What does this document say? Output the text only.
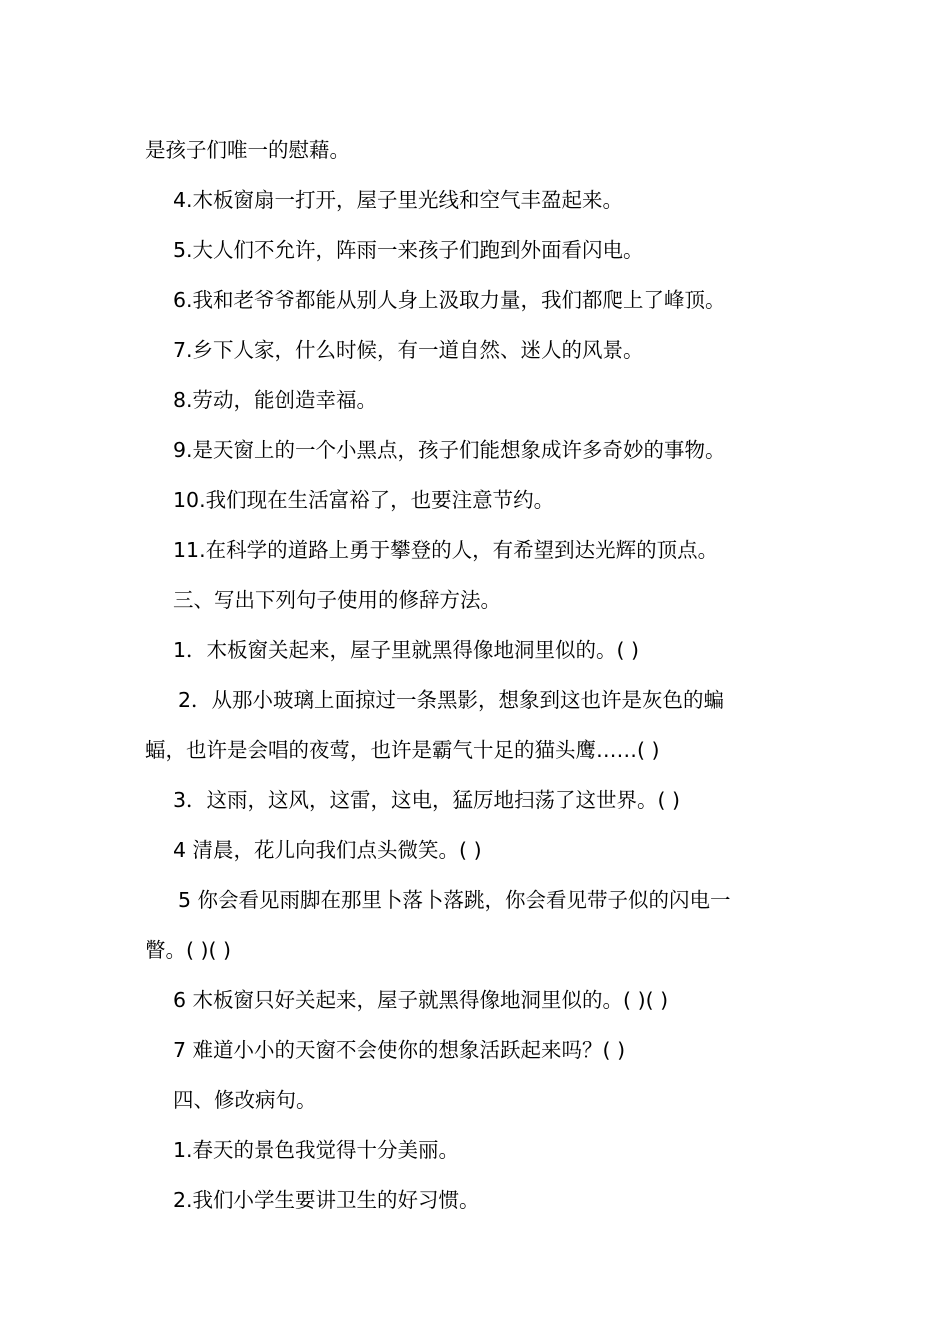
是孩子们唯一的慰藉。
4.木板窗扇一打开，屋子里光线和空气丰盈起来。
5.大人们不允许，阵雨一来孩子们跑到外面看闪电。
6.我和老爷爷都能从别人身上汲取力量，我们都爬上了峰顶。
7.乡下人家，什么时候，有一道自然、迷人的风景。
8.劳动，能创造幸福。
9.是天窗上的一个小黑点，孩子们能想象成许多奇妙的事物。
10.我们现在生活富裕了，也要注意节约。
11.在科学的道路上勇于攀登的人，有希望到达光辉的顶点。
三、写出下列句子使用的修辞方法。
1．木板窗关起来，屋子里就黑得像地洞里似的。( )
2．从那小玻璃上面掠过一条黑影，想象到这也许是灰色的蝙
蝠，也许是会唱的夜莺，也许是霸气十足的猫头鹰……( )
3．这雨，这风，这雷，这电，猛厉地扫荡了这世界。( )
4 清晨，花儿向我们点头微笑。( )
5 你会看见雨脚在那里卜落卜落跳，你会看见带子似的闪电一
瞥。( )( )
6 木板窗只好关起来，屋子就黑得像地洞里似的。( )( )
7 难道小小的天窗不会使你的想象活跃起来吗？( )
四、修改病句。
1.春天的景色我觉得十分美丽。
2.我们小学生要讲卫生的好习惯。
